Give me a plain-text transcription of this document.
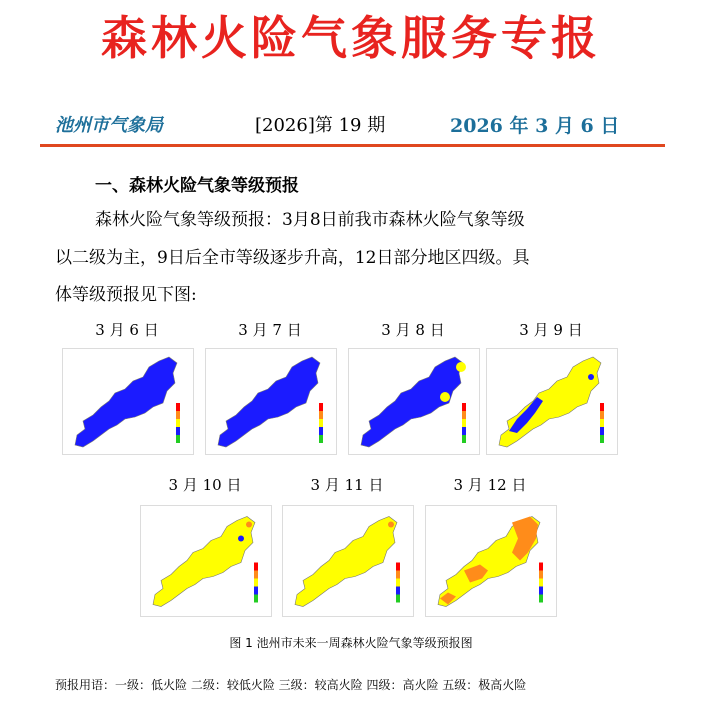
森林火险气象服务专报
池州市气象局	[2026]第 19 期	2026 年 3 月 6 日
一、森林火险气象等级预报
森林火险气象等级预报：3月8日前我市森林火险气象等级
以二级为主，9日后全市等级逐步升高，12日部分地区四级。具
体等级预报见下图:
3 月 6 日	3 月 7 日	3 月 8 日	3 月 9 日
3 月 10 日	3 月 11 日	3 月 12 日
图 1 池州市未来一周森林火险气象等级预报图
预报用语：一级：低火险 二级：较低火险 三级：较高火险 四级：高火险 五级：极高火险
